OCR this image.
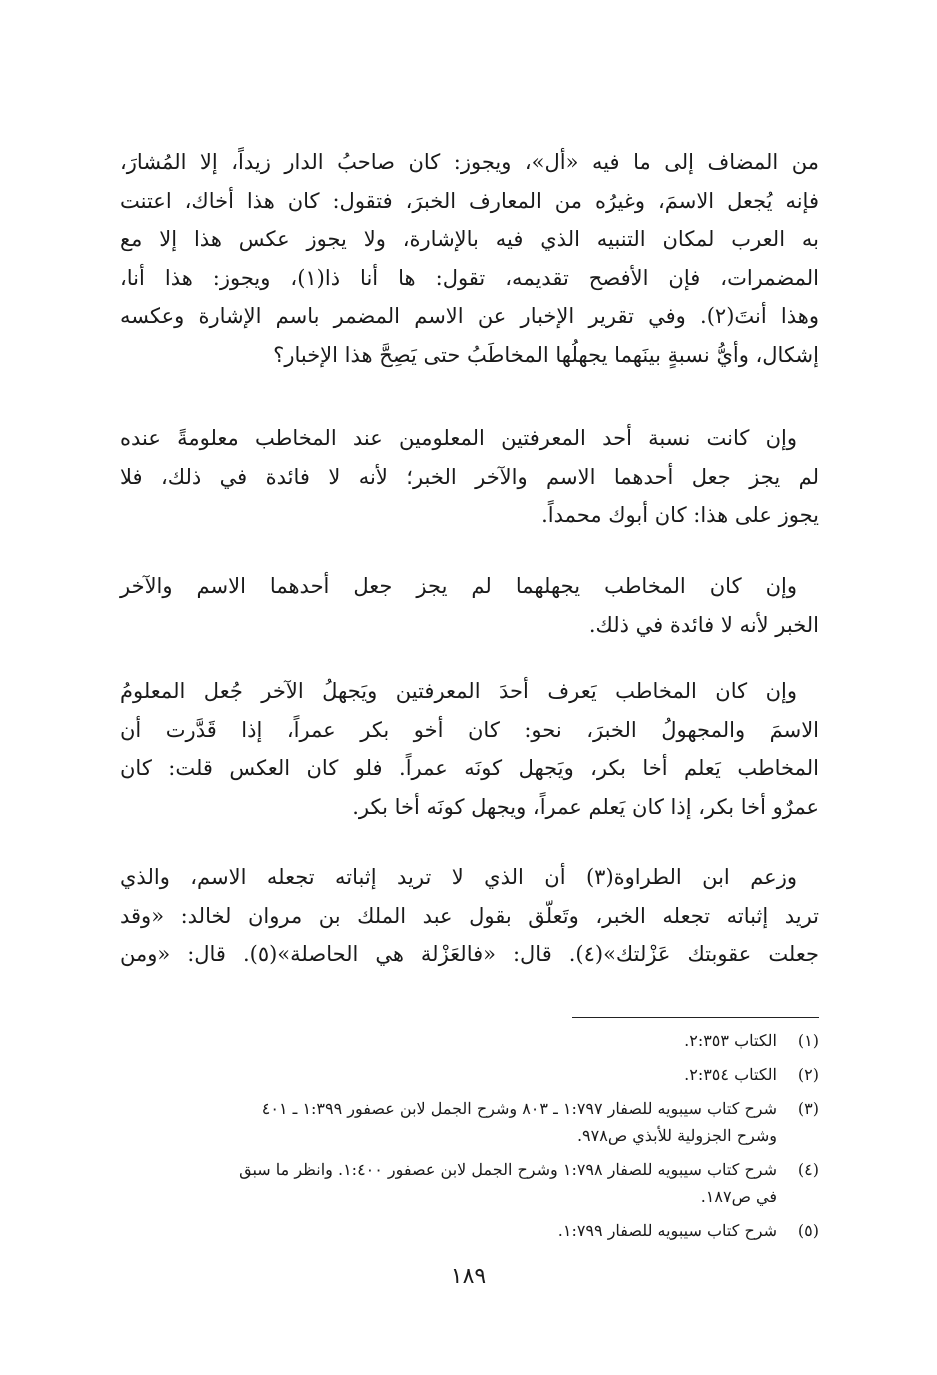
من المضاف إلى ما فيه «أل»، ويجوز: كان صاحبُ الدار زيداً، إلا المُشارَ،
فإنه يُجعل الاسمَ، وغيرُه من المعارف الخبرَ، فتقول: كان هذا أخاك، اعتنت
به العرب لمكان التنبيه الذي فيه بالإشارة، ولا يجوز عكس هذا إلا مع
المضمرات، فإن الأفصح تقديمه، تقول: ها أنا ذا(١)، ويجوز: هذا أنا،
وهذا أنتَ(٢). وفي تقرير الإخبار عن الاسم المضمر باسم الإشارة وعكسه
إشكال، وأيُّ نسبةٍ بينَهما يجهلُها المخاطَبُ حتى يَصِحَّ هذا الإخبار؟
وإن كانت نسبة أحد المعرفتين المعلومين عند المخاطب معلومةً عنده
لم يجز جعل أحدهما الاسم والآخر الخبر؛ لأنه لا فائدة في ذلك، فلا
يجوز على هذا: كان أبوك محمداً.
وإن كان المخاطب يجهلهما لم يجز جعل أحدهما الاسم والآخر
الخبر لأنه لا فائدة في ذلك.
وإن كان المخاطب يَعرف أحدَ المعرفتين ويَجهلُ الآخر جُعل المعلومُ
الاسمَ والمجهولُ الخبرَ، نحو: كان أخو بكر عمراً، إذا قَدَّرت أن
المخاطب يَعلم أخا بكر، ويَجهل كونَه عمراً. فلو كان العكس قلت: كان
عمرٌو أخا بكر، إذا كان يَعلم عمراً، ويجهل كونَه أخا بكر.
وزعم ابن الطراوة(٣) أن الذي لا تريد إثباته تجعله الاسم، والذي
تريد إثباته تجعله الخبر، وتَعلّق بقول عبد الملك بن مروان لخالد: «وقد
جعلت عقوبتك عَزْلتك»(٤). قال: «فالعَزْلة هي الحاصلة»(٥). قال: «ومن
(١)
الكتاب ٢:٣٥٣.
(٢)
الكتاب ٢:٣٥٤.
(٣)
شرح كتاب سيبويه للصفار ١:٧٩٧ ـ ٨٠٣ وشرح الجمل لابن عصفور ١:٣٩٩ ـ ٤٠١
وشرح الجزولية للأبذي ص٩٧٨.
(٤)
شرح كتاب سيبويه للصفار ١:٧٩٨ وشرح الجمل لابن عصفور ١:٤٠٠. وانظر ما سبق
في ص١٨٧.
(٥)
شرح كتاب سيبويه للصفار ١:٧٩٩.
١٨٩
